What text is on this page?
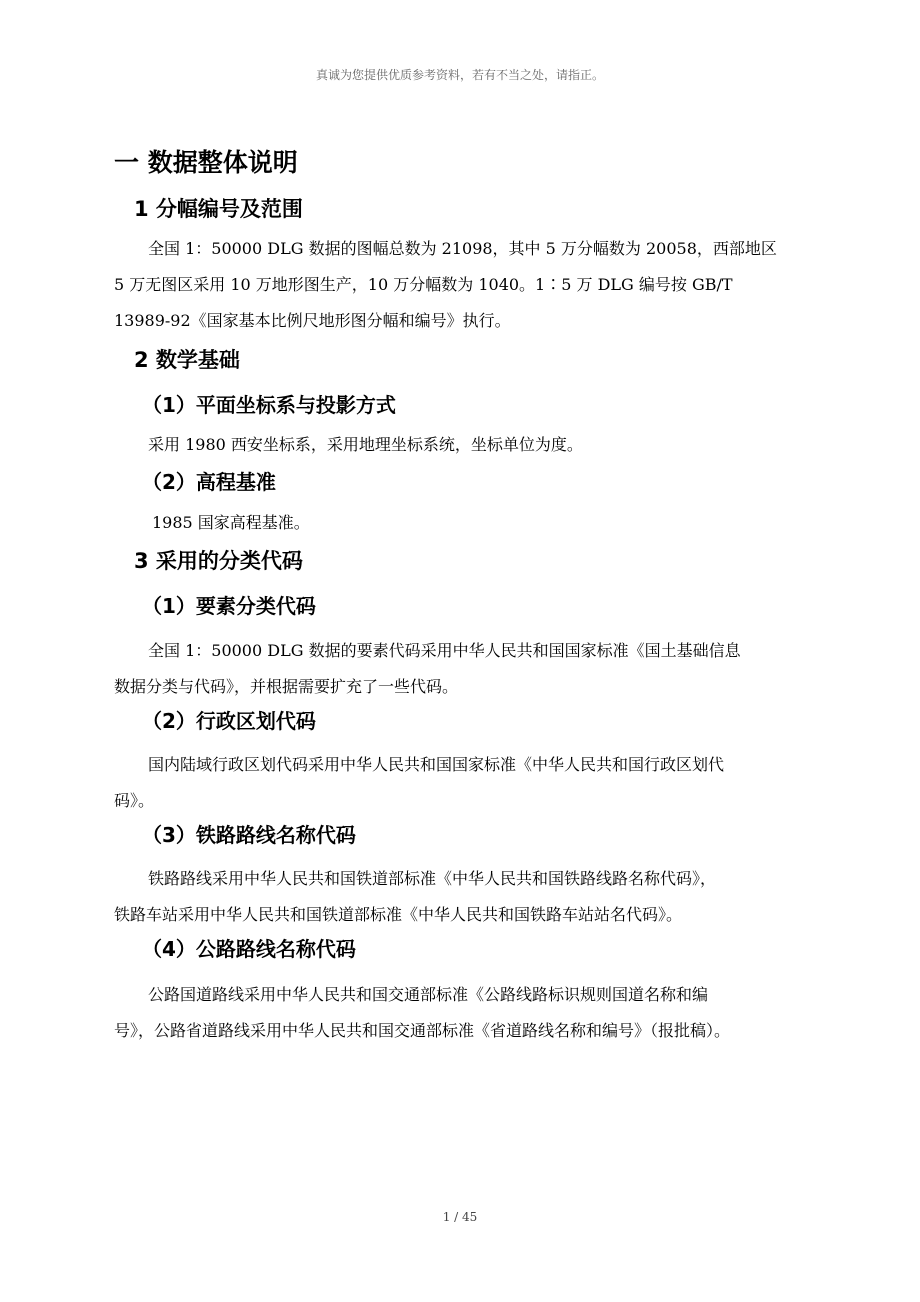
真诚为您提供优质参考资料，若有不当之处，请指正。
一 数据整体说明
1 分幅编号及范围
全国 1：50000 DLG 数据的图幅总数为 21098，其中 5 万分幅数为 20058，西部地区
5 万无图区采用 10 万地形图生产，10 万分幅数为 1040。1∶5 万 DLG 编号按 GB/T
13989-92《国家基本比例尺地形图分幅和编号》执行。
2 数学基础
（1）平面坐标系与投影方式
采用 1980 西安坐标系，采用地理坐标系统，坐标单位为度。
（2）高程基准
1985 国家高程基准。
3 采用的分类代码
（1）要素分类代码
全国 1：50000 DLG 数据的要素代码采用中华人民共和国国家标准《国土基础信息
数据分类与代码》，并根据需要扩充了一些代码。
（2）行政区划代码
国内陆域行政区划代码采用中华人民共和国国家标准《中华人民共和国行政区划代
码》。
（3）铁路路线名称代码
铁路路线采用中华人民共和国铁道部标准《中华人民共和国铁路线路名称代码》，
铁路车站采用中华人民共和国铁道部标准《中华人民共和国铁路车站站名代码》。
（4）公路路线名称代码
公路国道路线采用中华人民共和国交通部标准《公路线路标识规则国道名称和编
号》，公路省道路线采用中华人民共和国交通部标准《省道路线名称和编号》（报批稿）。
1 / 45
